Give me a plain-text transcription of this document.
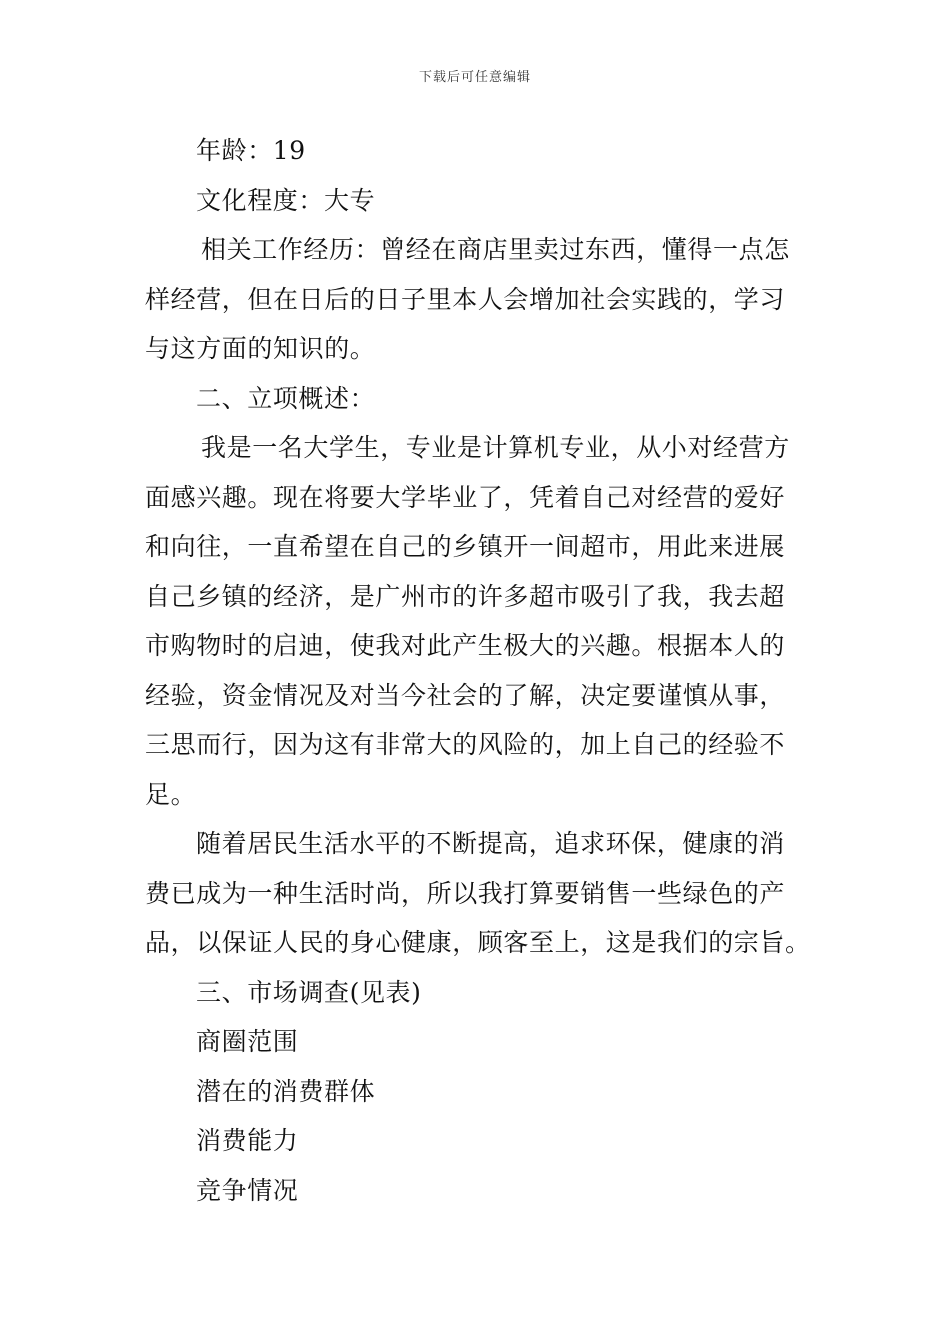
下载后可任意编辑
年龄：19
文化程度：大专
相关工作经历：曾经在商店里卖过东西，懂得一点怎
样经营，但在日后的日子里本人会增加社会实践的，学习
与这方面的知识的。
二、立项概述：
我是一名大学生，专业是计算机专业，从小对经营方
面感兴趣。现在将要大学毕业了，凭着自己对经营的爱好
和向往，一直希望在自己的乡镇开一间超市，用此来进展
自己乡镇的经济，是广州市的许多超市吸引了我，我去超
市购物时的启迪，使我对此产生极大的兴趣。根据本人的
经验，资金情况及对当今社会的了解，决定要谨慎从事，
三思而行，因为这有非常大的风险的，加上自己的经验不
足。
随着居民生活水平的不断提高，追求环保，健康的消
费已成为一种生活时尚，所以我打算要销售一些绿色的产
品，以保证人民的身心健康，顾客至上，这是我们的宗旨。
三、市场调查(见表)
商圈范围
潜在的消费群体
消费能力
竞争情况
